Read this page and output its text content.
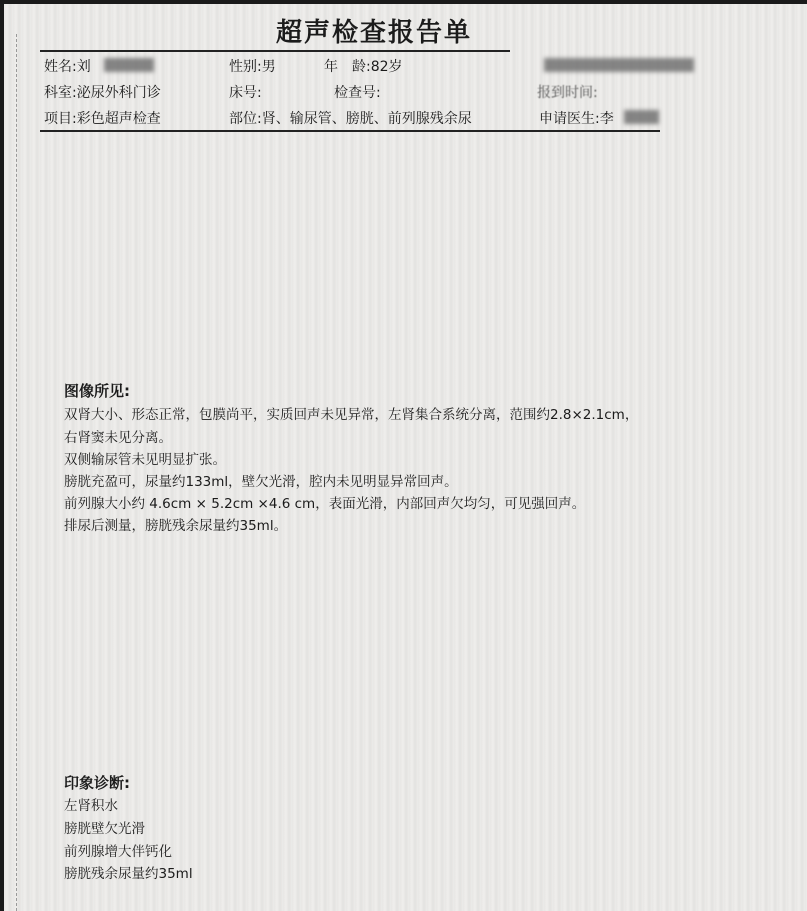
超声检查报告单
姓名:刘	性别:男	年　龄:82岁
科室:泌尿外科门诊	床号:	检查号:	报到时间:
项目:彩色超声检查	部位:肾、输尿管、膀胱、前列腺残余尿	申请医生:李
图像所见:
双肾大小、形态正常，包膜尚平，实质回声未见异常，左肾集合系统分离，范围约2.8×2.1cm，
右肾窦未见分离。
双侧输尿管未见明显扩张。
膀胱充盈可，尿量约133ml，壁欠光滑，腔内未见明显异常回声。
前列腺大小约 4.6cm × 5.2cm ×4.6 cm，表面光滑，内部回声欠均匀，可见强回声。
排尿后测量，膀胱残余尿量约35ml。
印象诊断:
左肾积水
膀胱壁欠光滑
前列腺增大伴钙化
膀胱残余尿量约35ml
